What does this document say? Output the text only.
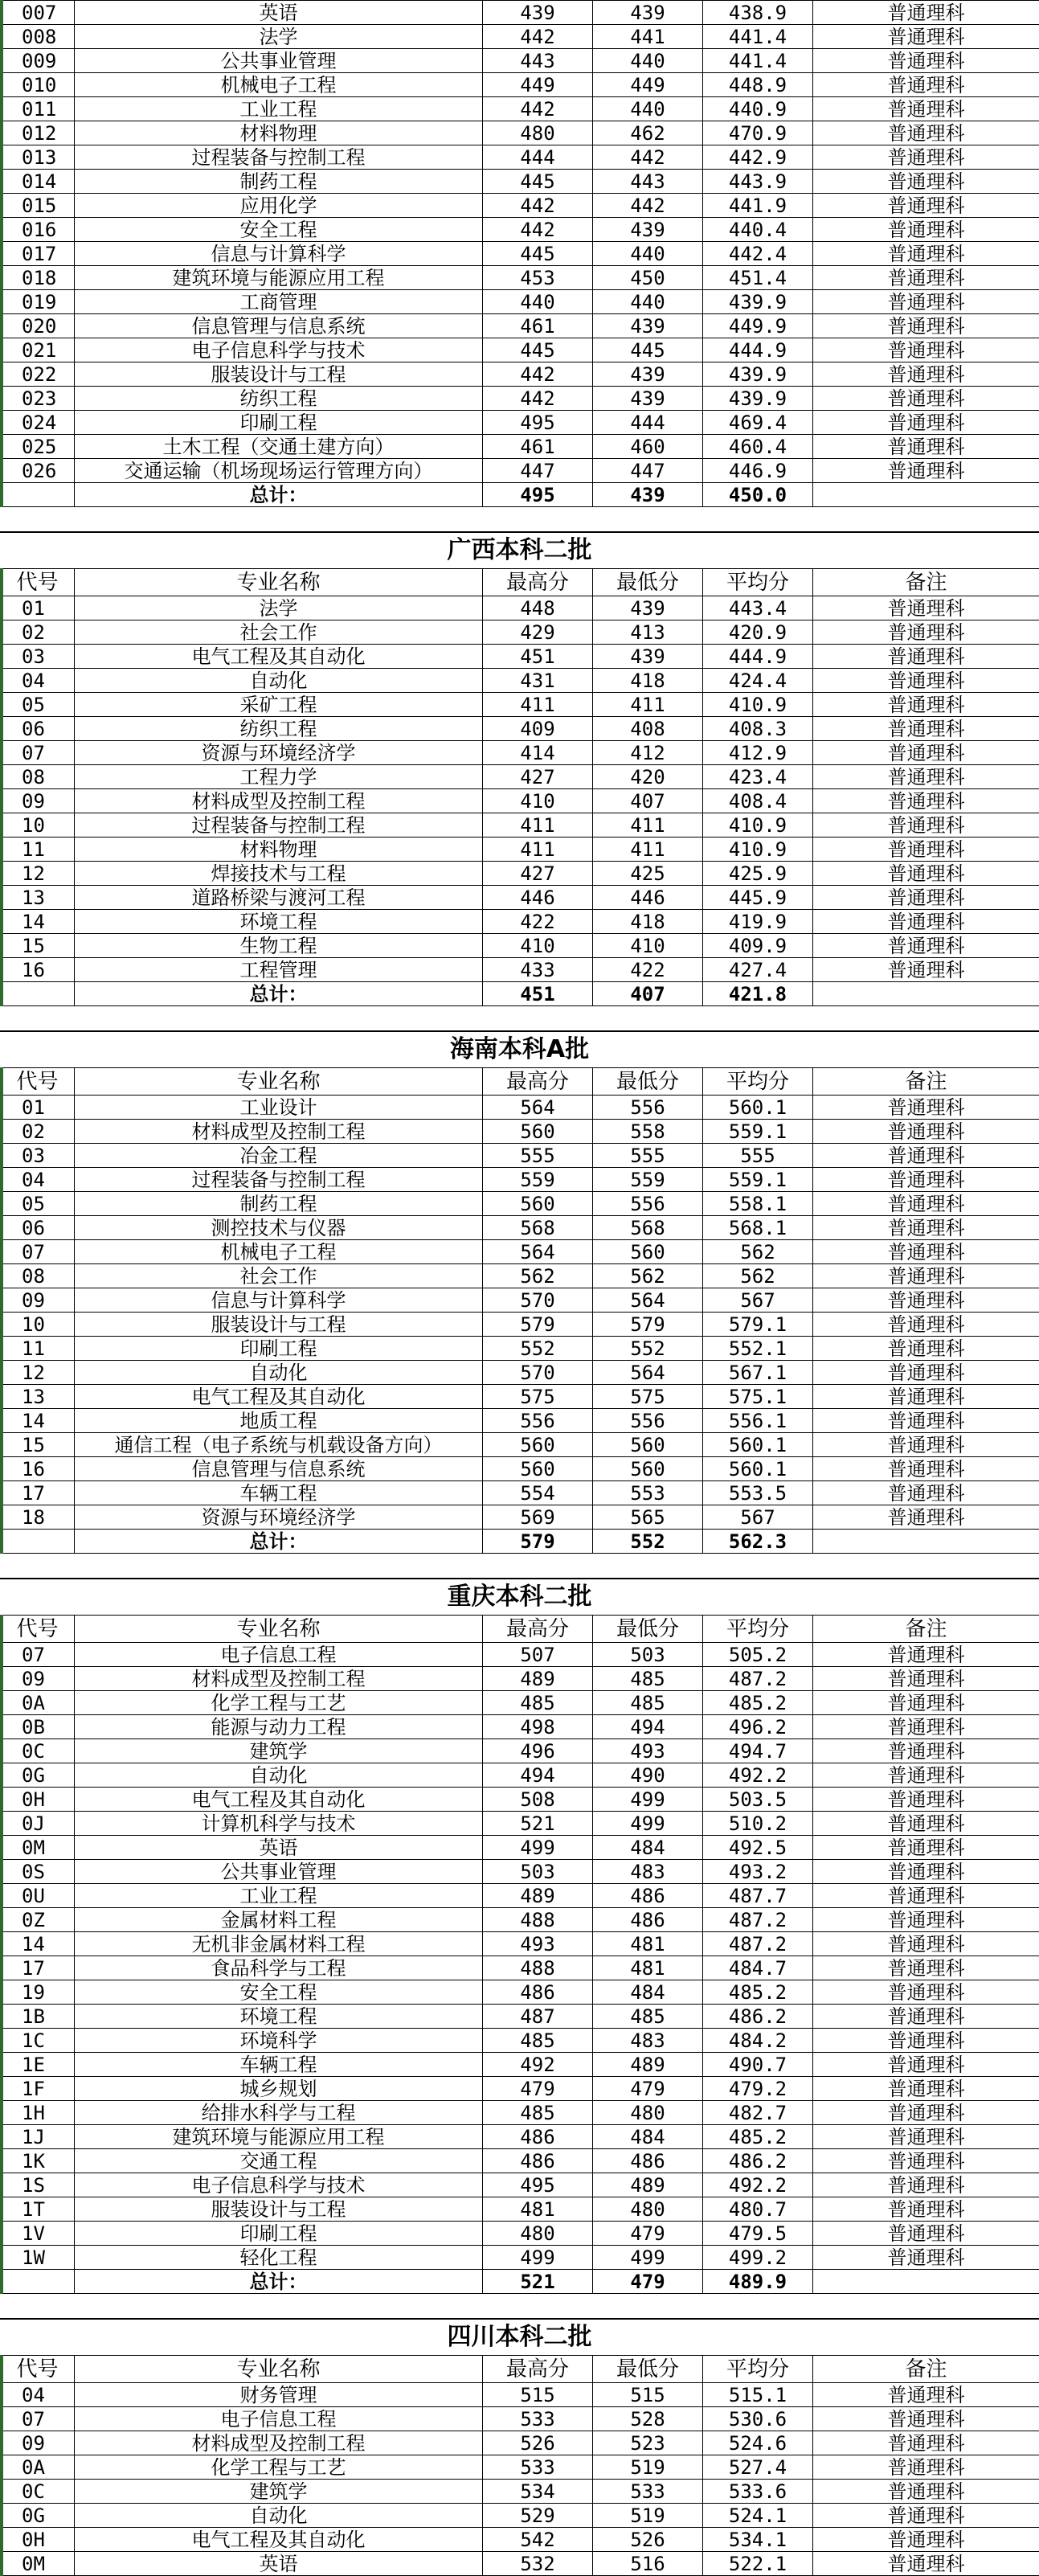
007	英语	439	439	438.9	普通理科
008	法学	442	441	441.4	普通理科
009	公共事业管理	443	440	441.4	普通理科
010	机械电子工程	449	449	448.9	普通理科
011	工业工程	442	440	440.9	普通理科
012	材料物理	480	462	470.9	普通理科
013	过程装备与控制工程	444	442	442.9	普通理科
014	制药工程	445	443	443.9	普通理科
015	应用化学	442	442	441.9	普通理科
016	安全工程	442	439	440.4	普通理科
017	信息与计算科学	445	440	442.4	普通理科
018	建筑环境与能源应用工程	453	450	451.4	普通理科
019	工商管理	440	440	439.9	普通理科
020	信息管理与信息系统	461	439	449.9	普通理科
021	电子信息科学与技术	445	445	444.9	普通理科
022	服装设计与工程	442	439	439.9	普通理科
023	纺织工程	442	439	439.9	普通理科
024	印刷工程	495	444	469.4	普通理科
025	土木工程（交通土建方向）	461	460	460.4	普通理科
026	交通运输（机场现场运行管理方向）	447	447	446.9	普通理科
	总计：	495	439	450.0	
广西本科二批
代号	专业名称	最高分	最低分	平均分	备注
01	法学	448	439	443.4	普通理科
02	社会工作	429	413	420.9	普通理科
03	电气工程及其自动化	451	439	444.9	普通理科
04	自动化	431	418	424.4	普通理科
05	采矿工程	411	411	410.9	普通理科
06	纺织工程	409	408	408.3	普通理科
07	资源与环境经济学	414	412	412.9	普通理科
08	工程力学	427	420	423.4	普通理科
09	材料成型及控制工程	410	407	408.4	普通理科
10	过程装备与控制工程	411	411	410.9	普通理科
11	材料物理	411	411	410.9	普通理科
12	焊接技术与工程	427	425	425.9	普通理科
13	道路桥梁与渡河工程	446	446	445.9	普通理科
14	环境工程	422	418	419.9	普通理科
15	生物工程	410	410	409.9	普通理科
16	工程管理	433	422	427.4	普通理科
	总计：	451	407	421.8	
海南本科A批
代号	专业名称	最高分	最低分	平均分	备注
01	工业设计	564	556	560.1	普通理科
02	材料成型及控制工程	560	558	559.1	普通理科
03	冶金工程	555	555	555	普通理科
04	过程装备与控制工程	559	559	559.1	普通理科
05	制药工程	560	556	558.1	普通理科
06	测控技术与仪器	568	568	568.1	普通理科
07	机械电子工程	564	560	562	普通理科
08	社会工作	562	562	562	普通理科
09	信息与计算科学	570	564	567	普通理科
10	服装设计与工程	579	579	579.1	普通理科
11	印刷工程	552	552	552.1	普通理科
12	自动化	570	564	567.1	普通理科
13	电气工程及其自动化	575	575	575.1	普通理科
14	地质工程	556	556	556.1	普通理科
15	通信工程（电子系统与机载设备方向）	560	560	560.1	普通理科
16	信息管理与信息系统	560	560	560.1	普通理科
17	车辆工程	554	553	553.5	普通理科
18	资源与环境经济学	569	565	567	普通理科
	总计：	579	552	562.3	
重庆本科二批
代号	专业名称	最高分	最低分	平均分	备注
07	电子信息工程	507	503	505.2	普通理科
09	材料成型及控制工程	489	485	487.2	普通理科
0A	化学工程与工艺	485	485	485.2	普通理科
0B	能源与动力工程	498	494	496.2	普通理科
0C	建筑学	496	493	494.7	普通理科
0G	自动化	494	490	492.2	普通理科
0H	电气工程及其自动化	508	499	503.5	普通理科
0J	计算机科学与技术	521	499	510.2	普通理科
0M	英语	499	484	492.5	普通理科
0S	公共事业管理	503	483	493.2	普通理科
0U	工业工程	489	486	487.7	普通理科
0Z	金属材料工程	488	486	487.2	普通理科
14	无机非金属材料工程	493	481	487.2	普通理科
17	食品科学与工程	488	481	484.7	普通理科
19	安全工程	486	484	485.2	普通理科
1B	环境工程	487	485	486.2	普通理科
1C	环境科学	485	483	484.2	普通理科
1E	车辆工程	492	489	490.7	普通理科
1F	城乡规划	479	479	479.2	普通理科
1H	给排水科学与工程	485	480	482.7	普通理科
1J	建筑环境与能源应用工程	486	484	485.2	普通理科
1K	交通工程	486	486	486.2	普通理科
1S	电子信息科学与技术	495	489	492.2	普通理科
1T	服装设计与工程	481	480	480.7	普通理科
1V	印刷工程	480	479	479.5	普通理科
1W	轻化工程	499	499	499.2	普通理科
	总计：	521	479	489.9	
四川本科二批
代号	专业名称	最高分	最低分	平均分	备注
04	财务管理	515	515	515.1	普通理科
07	电子信息工程	533	528	530.6	普通理科
09	材料成型及控制工程	526	523	524.6	普通理科
0A	化学工程与工艺	533	519	527.4	普通理科
0C	建筑学	534	533	533.6	普通理科
0G	自动化	529	519	524.1	普通理科
0H	电气工程及其自动化	542	526	534.1	普通理科
0M	英语	532	516	522.1	普通理科
